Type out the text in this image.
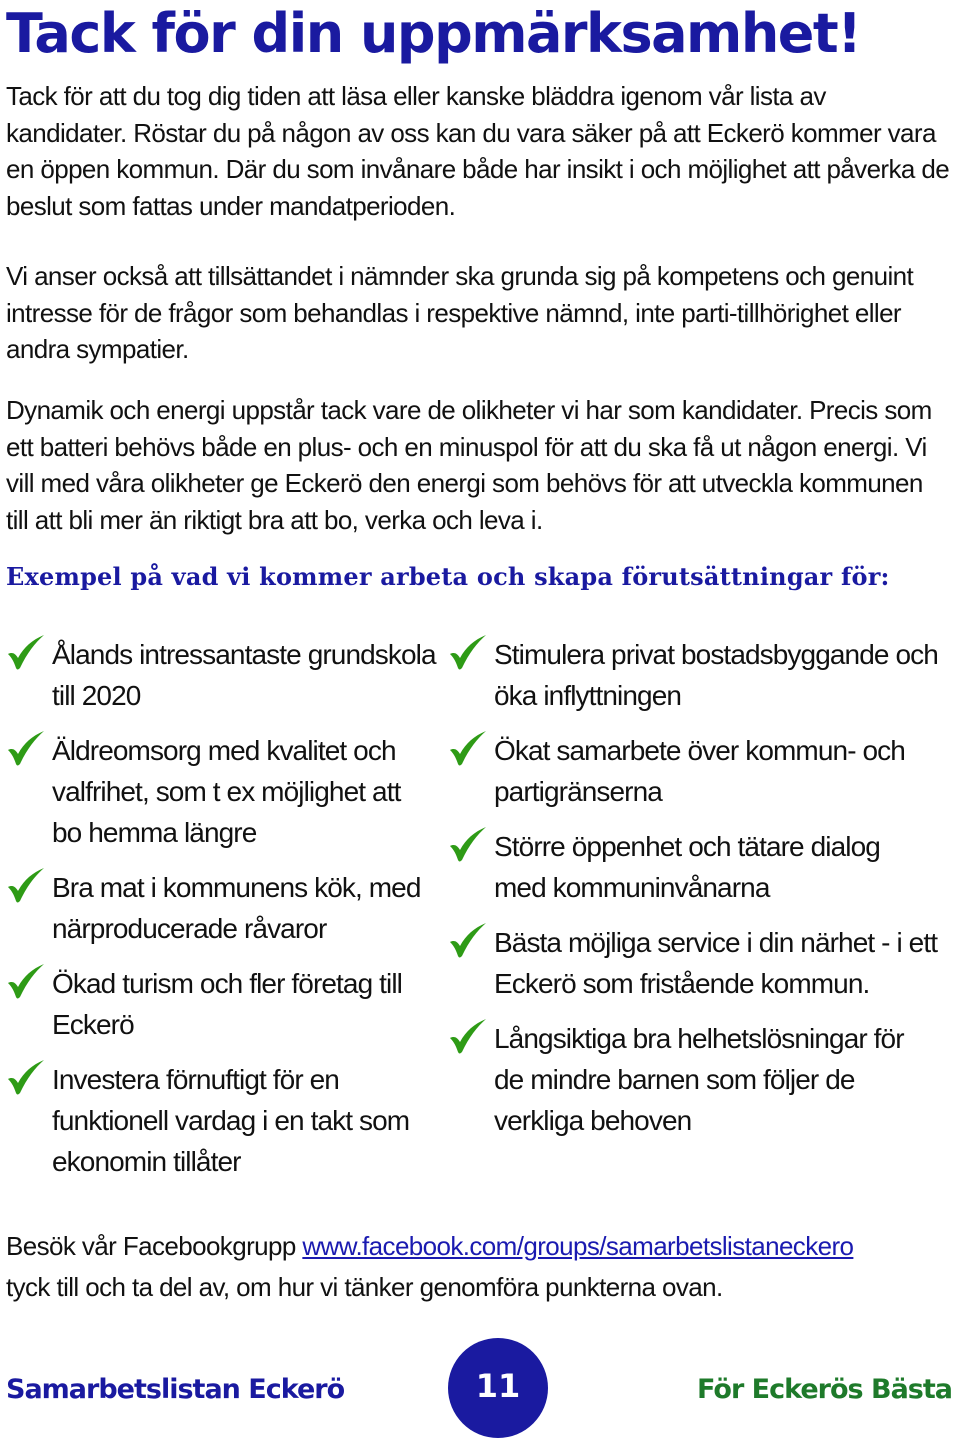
Tack för din uppmärksamhet!

Tack för att du tog dig tiden att läsa eller kanske bläddra igenom vår lista av kandidater. Röstar du på någon av oss kan du vara säker på att Eckerö kommer vara en öppen kommun. Där du som invånare både har insikt i och möjlighet att påverka de beslut som fattas under mandatperioden.

Vi anser också att tillsättandet i nämnder ska grunda sig på kompetens och genuint intresse för de frågor som behandlas i respektive nämnd, inte parti-tillhörighet eller andra sympatier.

Dynamik och energi uppstår tack vare de olikheter vi har som kandidater. Precis som ett batteri behövs både en plus- och en minuspol för att du ska få ut någon energi. Vi vill med våra olikheter ge Eckerö den energi som behövs för att utveckla kommunen till att bli mer än riktigt bra att bo, verka och leva i.

Exempel på vad vi kommer arbeta och skapa förutsättningar för:
Ålands intressantaste grundskola till 2020
Äldreomsorg med kvalitet och valfrihet, som t ex möjlighet att bo hemma längre
Bra mat i kommunens kök, med närproducerade råvaror
Ökad turism och fler företag till Eckerö
Investera förnuftigt för en funktionell vardag i en takt som ekonomin tillåter
Stimulera privat bostadsbyggande och öka inflyttningen
Ökat samarbete över kommun- och partigränserna
Större öppenhet och tätare dialog med kommuninvånarna
Bästa möjliga service i din närhet - i ett Eckerö som fristående kommun.
Långsiktiga bra helhetslösningar för de mindre barnen som följer de verkliga behoven

Besök vår Facebookgrupp www.facebook.com/groups/samarbetslistaneckero
tyck till och ta del av, om hur vi tänker genomföra punkterna ovan.

Samarbetslistan Eckerö	11	För Eckerös Bästa
